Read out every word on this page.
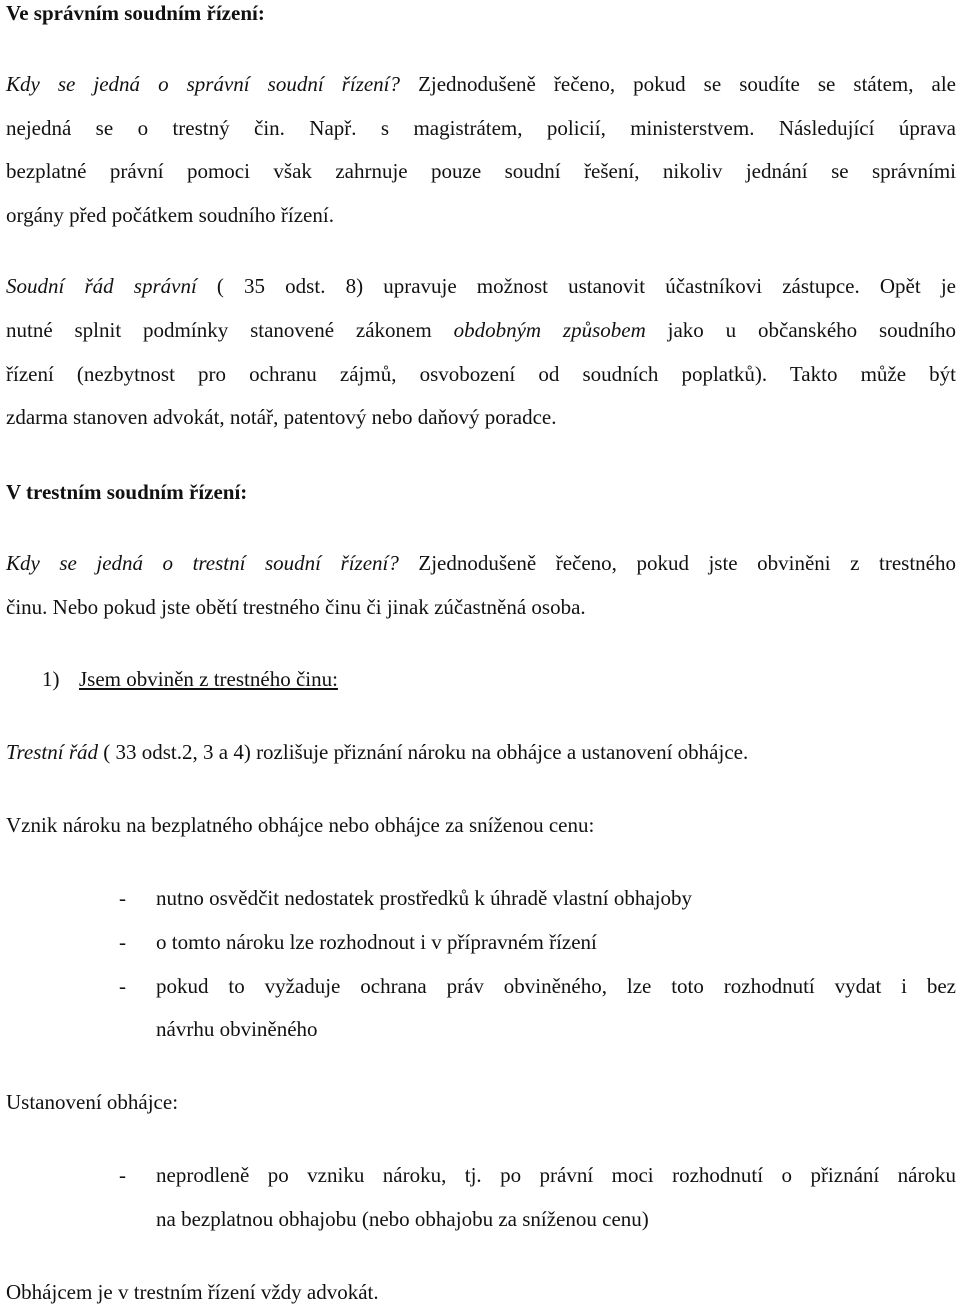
Ve správním soudním řízení:
Kdy se jedná o správní soudní řízení? Zjednodušeně řečeno, pokud se soudíte se státem, ale
nejedná se o trestný čin. Např. s magistrátem, policií, ministerstvem. Následující úprava
bezplatné právní pomoci však zahrnuje pouze soudní řešení, nikoliv jednání se správními
orgány před počátkem soudního řízení.
Soudní řád správní ( 35 odst. 8) upravuje možnost ustanovit účastníkovi zástupce. Opět je
nutné splnit podmínky stanovené zákonem obdobným způsobem jako u občanského soudního
řízení (nezbytnost pro ochranu zájmů, osvobození od soudních poplatků). Takto může být
zdarma stanoven advokát, notář, patentový nebo daňový poradce.
V trestním soudním řízení:
Kdy se jedná o trestní soudní řízení? Zjednodušeně řečeno, pokud jste obviněni z trestného
činu. Nebo pokud jste obětí trestného činu či jinak zúčastněná osoba.
1) Jsem obviněn z trestného činu:
Trestní řád ( 33 odst.2, 3 a 4) rozlišuje přiznání nároku na obhájce a ustanovení obhájce.
Vznik nároku na bezplatného obhájce nebo obhájce za sníženou cenu:
- nutno osvědčit nedostatek prostředků k úhradě vlastní obhajoby
- o tomto nároku lze rozhodnout i v přípravném řízení
- pokud to vyžaduje ochrana práv obviněného, lze toto rozhodnutí vydat i bez
návrhu obviněného
Ustanovení obhájce:
- neprodleně po vzniku nároku, tj. po právní moci rozhodnutí o přiznání nároku
na bezplatnou obhajobu (nebo obhajobu za sníženou cenu)
Obhájcem je v trestním řízení vždy advokát.
